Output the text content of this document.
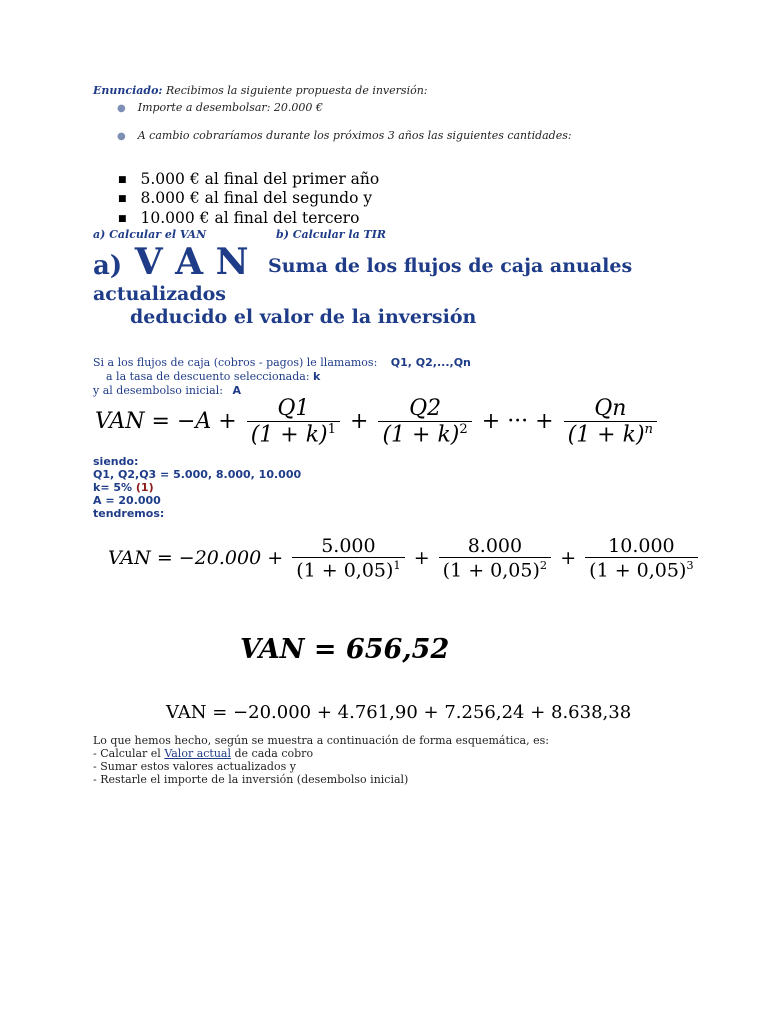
Enunciado: Recibimos la siguiente propuesta de inversión:
● Importe a desembolsar: 20.000 €
● A cambio cobraríamos durante los próximos 3 años las siguientes cantidades:
■ 5.000 € al final del primer año
■ 8.000 € al final del segundo y
■ 10.000 € al final del tercero
a) Calcular el VAN	b) Calcular la TIR
a) V A N Suma de los flujos de caja anuales
actualizados
deducido el valor de la inversión
Si a los flujos de caja (cobros - pagos) le llamamos: Q1, Q2,...,Qn
a la tasa de descuento seleccionada: k
y al desembolso inicial: A
VAN = $-A + \frac{Q1}{(1 + k)^1} + \frac{Q2}{(1 + k)^2}$ + ··· + $\frac{Qn}{(1 + k)^n}$
siendo:
Q1, Q2,Q3 = 5.000, 8.000, 10.000
k= 5% (1)
A = 20.000
tendremos:
VAN = $-20.000 + \frac{5.000}{(1 + 0,05)^1} + \frac{8.000}{(1 + 0,05)^2} + \frac{10.000}{(1 + 0,05)^3}$
VAN = 656,52
VAN = −20.000 + 4.761,90 + 7.256,24 + 8.638,38
Lo que hemos hecho, según se muestra a continuación de forma esquemática, es:
- Calcular el Valor actual de cada cobro
- Sumar estos valores actualizados y
- Restarle el importe de la inversión (desembolso inicial)
